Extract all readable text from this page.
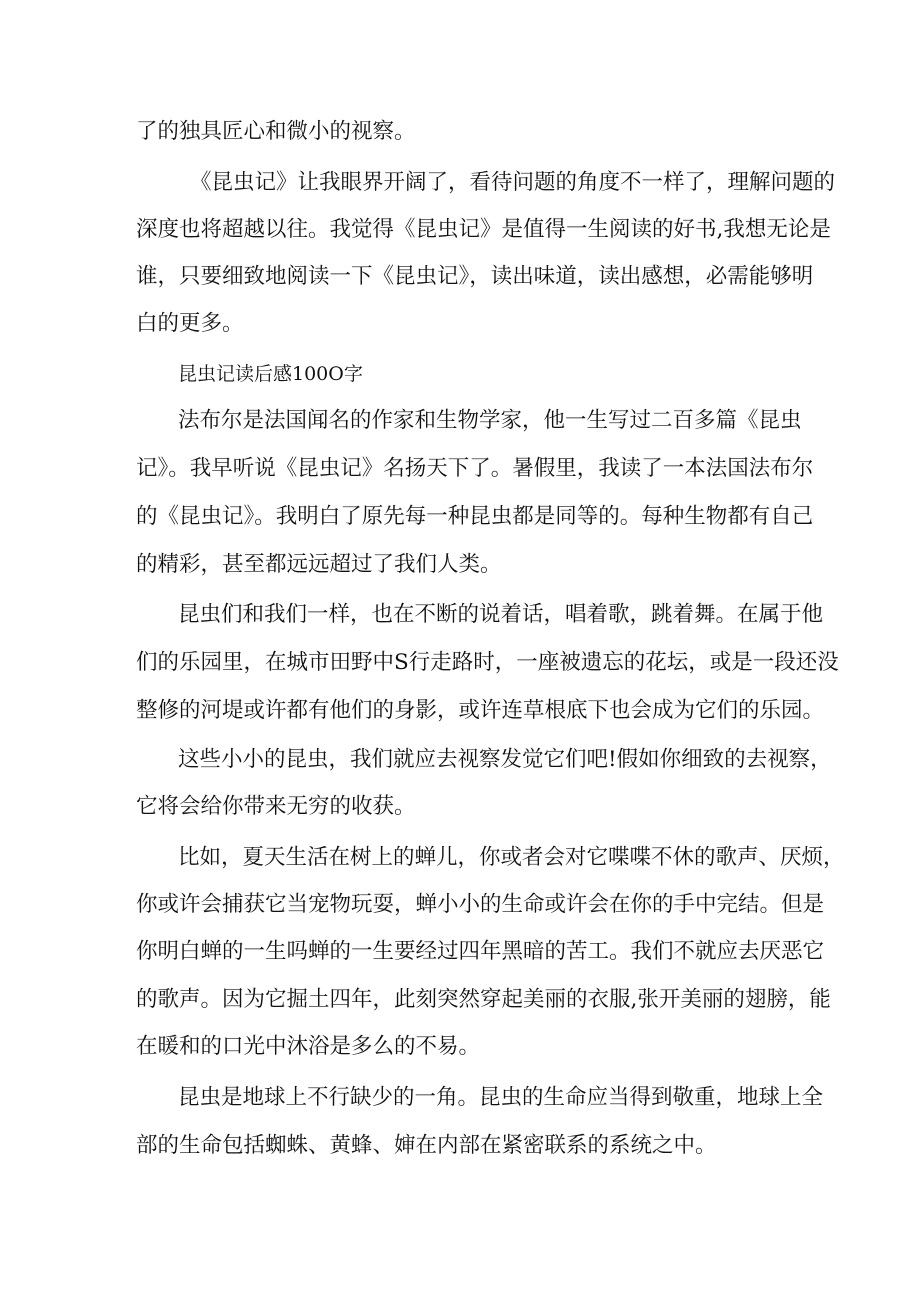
了的独具匠心和微小的视察。
《昆虫记》让我眼界开阔了，看待问题的角度不一样了，理解问题的
深度也将超越以往。我觉得《昆虫记》是值得一生阅读的好书,我想无论是
谁，只要细致地阅读一下《昆虫记》，读出味道，读出感想，必需能够明
白的更多。
昆虫记读后感100O字
法布尔是法国闻名的作家和生物学家，他一生写过二百多篇《昆虫
记》。我早听说《昆虫记》名扬天下了。暑假里，我读了一本法国法布尔
的《昆虫记》。我明白了原先每一种昆虫都是同等的。每种生物都有自己
的精彩，甚至都远远超过了我们人类。
昆虫们和我们一样，也在不断的说着话，唱着歌，跳着舞。在属于他
们的乐园里，在城市田野中S行走路时，一座被遗忘的花坛，或是一段还没
整修的河堤或许都有他们的身影，或许连草根底下也会成为它们的乐园。
这些小小的昆虫，我们就应去视察发觉它们吧!假如你细致的去视察，
它将会给你带来无穷的收获。
比如，夏天生活在树上的蝉儿，你或者会对它喋喋不休的歌声、厌烦，
你或许会捕获它当宠物玩耍，蝉小小的生命或许会在你的手中完结。但是
你明白蝉的一生吗蝉的一生要经过四年黑暗的苦工。我们不就应去厌恶它
的歌声。因为它掘土四年，此刻突然穿起美丽的衣服,张开美丽的翅膀，能
在暖和的口光中沐浴是多么的不易。
昆虫是地球上不行缺少的一角。昆虫的生命应当得到敬重，地球上全
部的生命包括蜘蛛、黄蜂、婶在内部在紧密联系的系统之中。
